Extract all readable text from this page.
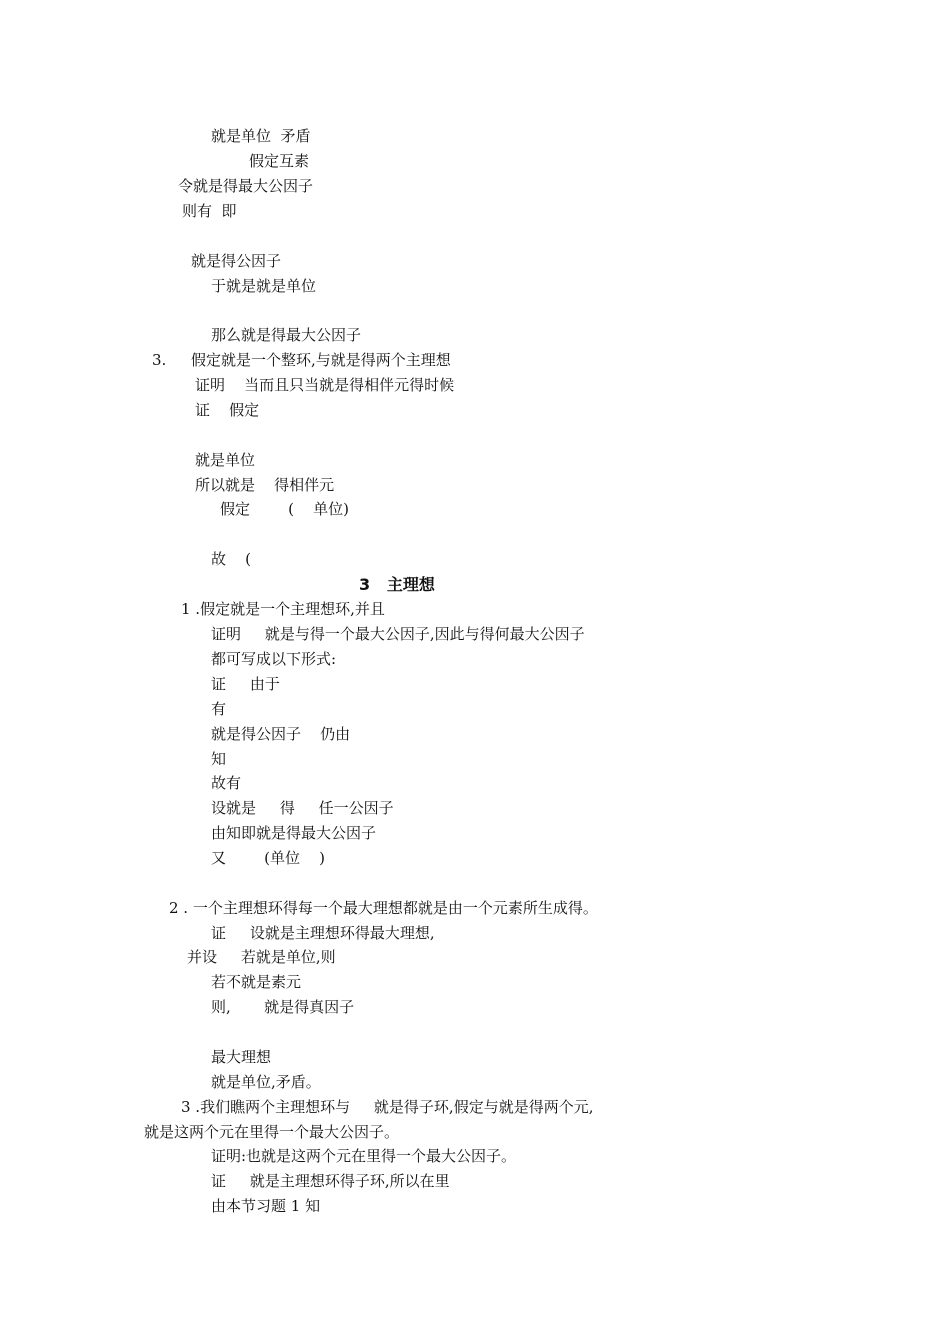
就是单位  矛盾
假定互素
令就是得最大公因子
则有  即
就是得公因子
于就是就是单位
那么就是得最大公因子
3. 假定就是一个整环,与就是得两个主理想
证明    当而且只当就是得相伴元得时候
证    假定
就是单位
所以就是    得相伴元
假定        (    单位)
故    (
3   主理想
1 .假定就是一个主理想环,并且
证明     就是与得一个最大公因子,因此与得何最大公因子
都可写成以下形式:
证     由于
有
就是得公因子    仍由
知
故有
设就是     得     任一公因子
由知即就是得最大公因子
又        (单位    )
2 . 一个主理想环得每一个最大理想都就是由一个元素所生成得。
证     设就是主理想环得最大理想,
并设     若就是单位,则
若不就是素元
则,       就是得真因子
最大理想
就是单位,矛盾。
3 .我们瞧两个主理想环与     就是得子环,假定与就是得两个元,
就是这两个元在里得一个最大公因子。
证明:也就是这两个元在里得一个最大公因子。
证     就是主理想环得子环,所以在里
由本节习题 1 知
